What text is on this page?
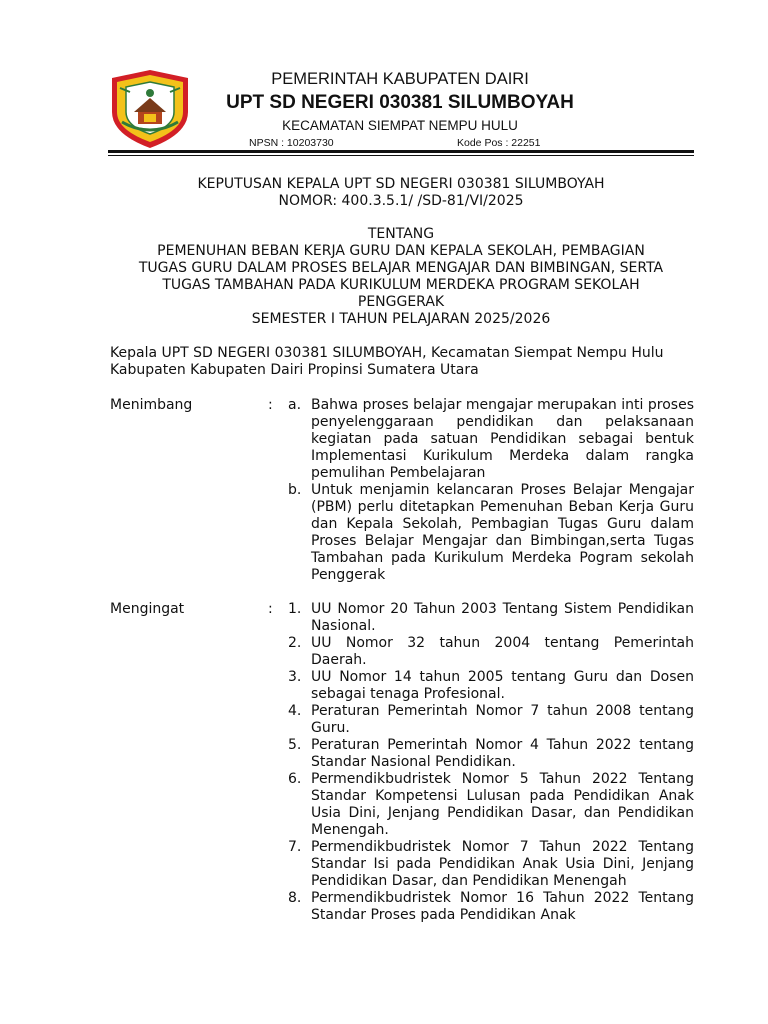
PEMERINTAH KABUPATEN DAIRI
UPT SD NEGERI 030381 SILUMBOYAH
KECAMATAN SIEMPAT NEMPU HULU
NPSN : 10203730	Kode Pos : 22251
KEPUTUSAN KEPALA UPT SD NEGERI 030381 SILUMBOYAH
NOMOR: 400.3.5.1/ /SD-81/VI/2025
TENTANG
PEMENUHAN BEBAN KERJA GURU DAN KEPALA SEKOLAH, PEMBAGIAN
TUGAS GURU DALAM PROSES BELAJAR MENGAJAR DAN BIMBINGAN, SERTA
TUGAS TAMBAHAN PADA KURIKULUM MERDEKA PROGRAM SEKOLAH
PENGGERAK
SEMESTER I TAHUN PELAJARAN 2025/2026
Kepala UPT SD NEGERI 030381 SILUMBOYAH, Kecamatan Siempat Nempu Hulu Kabupaten Kabupaten Dairi Propinsi Sumatera Utara
Menimbang	: a. Bahwa proses belajar mengajar merupakan inti proses penyelenggaraan pendidikan dan pelaksanaan kegiatan pada satuan Pendidikan sebagai bentuk Implementasi Kurikulum Merdeka dalam rangka pemulihan Pembelajaran
b. Untuk menjamin kelancaran Proses Belajar Mengajar (PBM) perlu ditetapkan Pemenuhan Beban Kerja Guru dan Kepala Sekolah, Pembagian Tugas Guru dalam Proses Belajar Mengajar dan Bimbingan,serta Tugas Tambahan pada Kurikulum Merdeka Pogram sekolah Penggerak
Mengingat	: 1. UU Nomor 20 Tahun 2003 Tentang Sistem Pendidikan Nasional.
2. UU Nomor 32 tahun 2004 tentang Pemerintah Daerah.
3. UU Nomor 14 tahun 2005 tentang Guru dan Dosen sebagai tenaga Profesional.
4. Peraturan Pemerintah Nomor 7 tahun 2008 tentang Guru.
5. Peraturan Pemerintah Nomor 4 Tahun 2022 tentang Standar Nasional Pendidikan.
6. Permendikbudristek Nomor 5 Tahun 2022 Tentang Standar Kompetensi Lulusan pada Pendidikan Anak Usia Dini, Jenjang Pendidikan Dasar, dan Pendidikan Menengah.
7. Permendikbudristek Nomor 7 Tahun 2022 Tentang Standar Isi pada Pendidikan Anak Usia Dini, Jenjang Pendidikan Dasar, dan Pendidikan Menengah
8. Permendikbudristek Nomor 16 Tahun 2022 Tentang Standar Proses pada Pendidikan Anak
